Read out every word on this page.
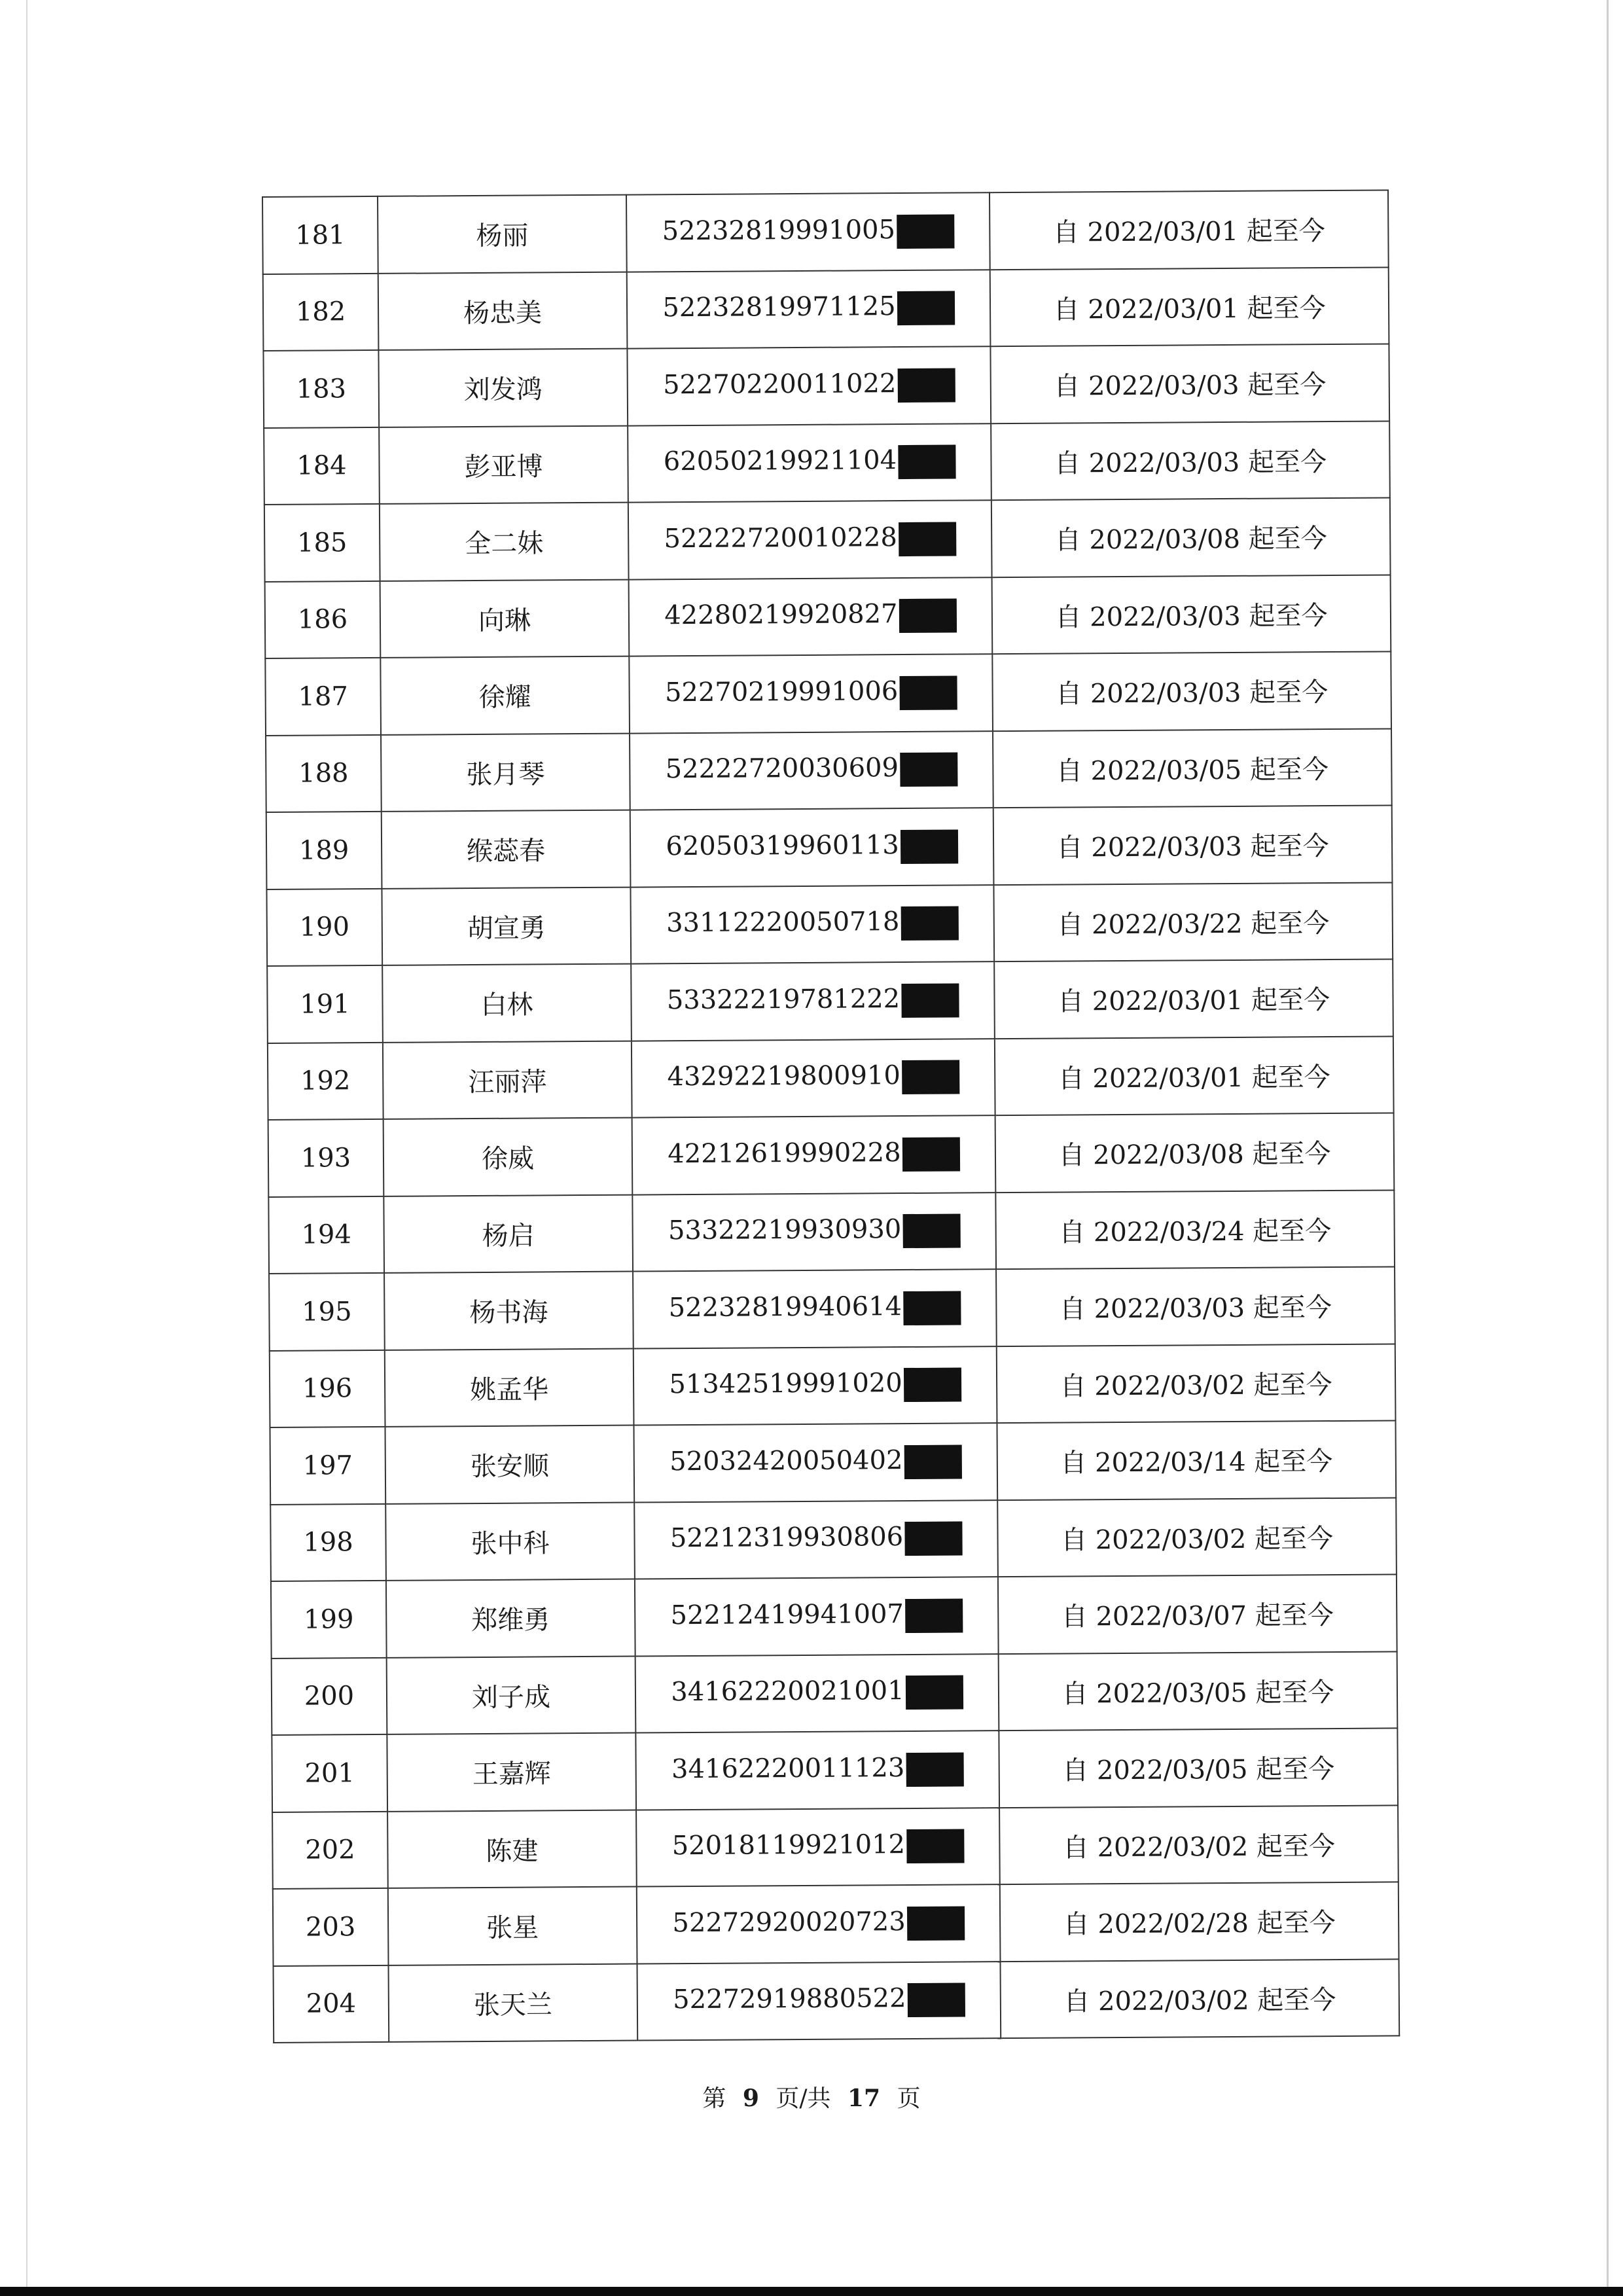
181	杨丽	52232819991005	自 2022/03/01 起至今
182	杨忠美	52232819971125	自 2022/03/01 起至今
183	刘发鸿	52270220011022	自 2022/03/03 起至今
184	彭亚博	62050219921104	自 2022/03/03 起至今
185	全二妹	52222720010228	自 2022/03/08 起至今
186	向琳	42280219920827	自 2022/03/03 起至今
187	徐耀	52270219991006	自 2022/03/03 起至今
188	张月琴	52222720030609	自 2022/03/05 起至今
189	缑蕊春	62050319960113	自 2022/03/03 起至今
190	胡宣勇	33112220050718	自 2022/03/22 起至今
191	白林	53322219781222	自 2022/03/01 起至今
192	汪丽萍	43292219800910	自 2022/03/01 起至今
193	徐威	42212619990228	自 2022/03/08 起至今
194	杨启	53322219930930	自 2022/03/24 起至今
195	杨书海	52232819940614	自 2022/03/03 起至今
196	姚孟华	51342519991020	自 2022/03/02 起至今
197	张安顺	52032420050402	自 2022/03/14 起至今
198	张中科	52212319930806	自 2022/03/02 起至今
199	郑维勇	52212419941007	自 2022/03/07 起至今
200	刘子成	34162220021001	自 2022/03/05 起至今
201	王嘉辉	34162220011123	自 2022/03/05 起至今
202	陈建	52018119921012	自 2022/03/02 起至今
203	张星	52272920020723	自 2022/02/28 起至今
204	张天兰	52272919880522	自 2022/03/02 起至今
第 9 页/共 17 页
